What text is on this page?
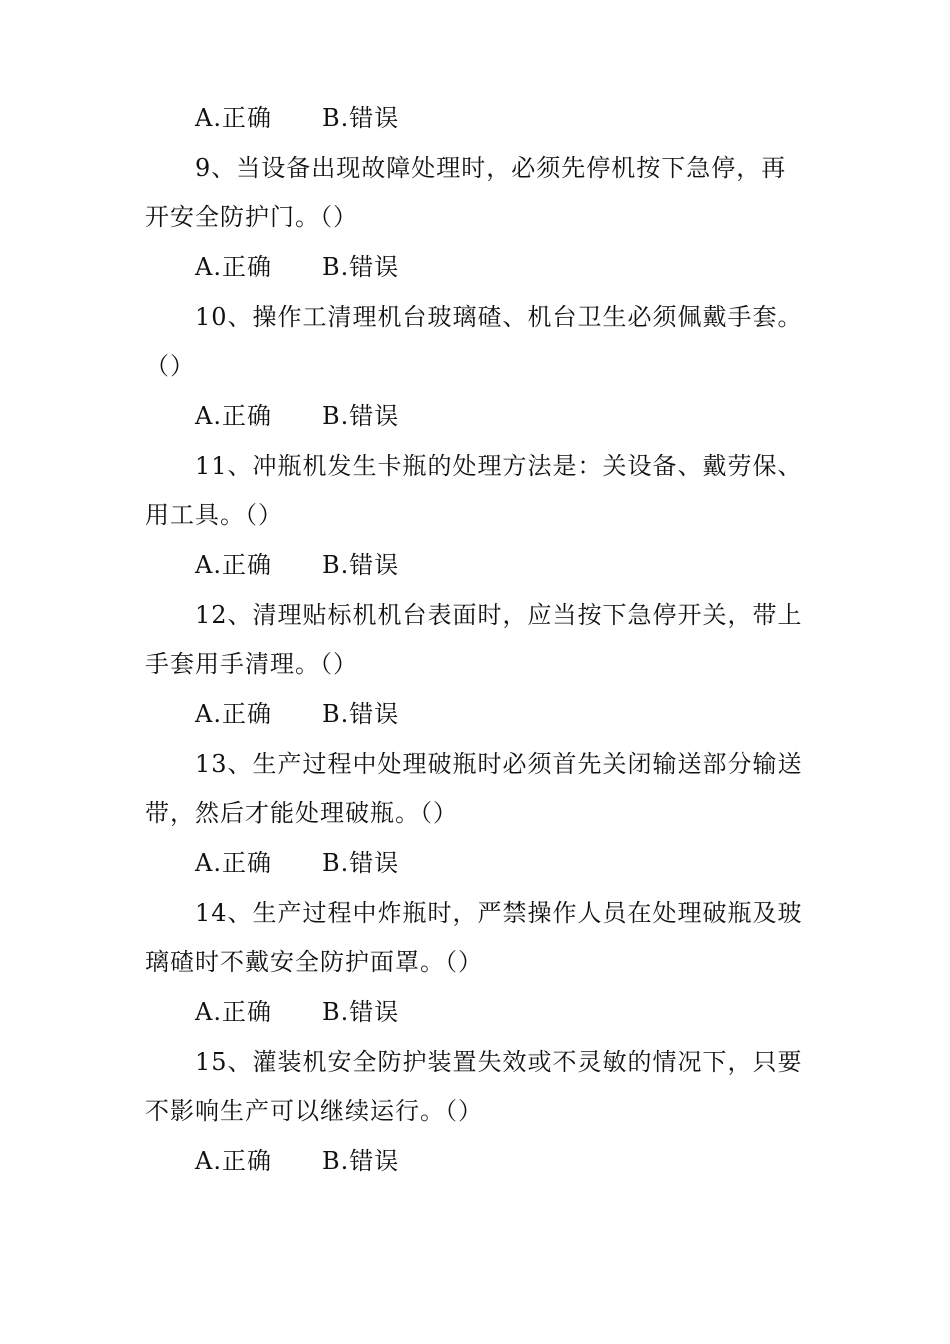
A.正确 B.错误
9、当设备出现故障处理时，必须先停机按下急停，再
开安全防护门。（）
A.正确 B.错误
10、操作工清理机台玻璃碴、机台卫生必须佩戴手套。
（）
A.正确 B.错误
11、冲瓶机发生卡瓶的处理方法是：关设备、戴劳保、
用工具。（）
A.正确 B.错误
12、清理贴标机机台表面时，应当按下急停开关，带上
手套用手清理。（）
A.正确 B.错误
13、生产过程中处理破瓶时必须首先关闭输送部分输送
带，然后才能处理破瓶。（）
A.正确 B.错误
14、生产过程中炸瓶时，严禁操作人员在处理破瓶及玻
璃碴时不戴安全防护面罩。（）
A.正确 B.错误
15、灌装机安全防护装置失效或不灵敏的情况下，只要
不影响生产可以继续运行。（）
A.正确 B.错误
